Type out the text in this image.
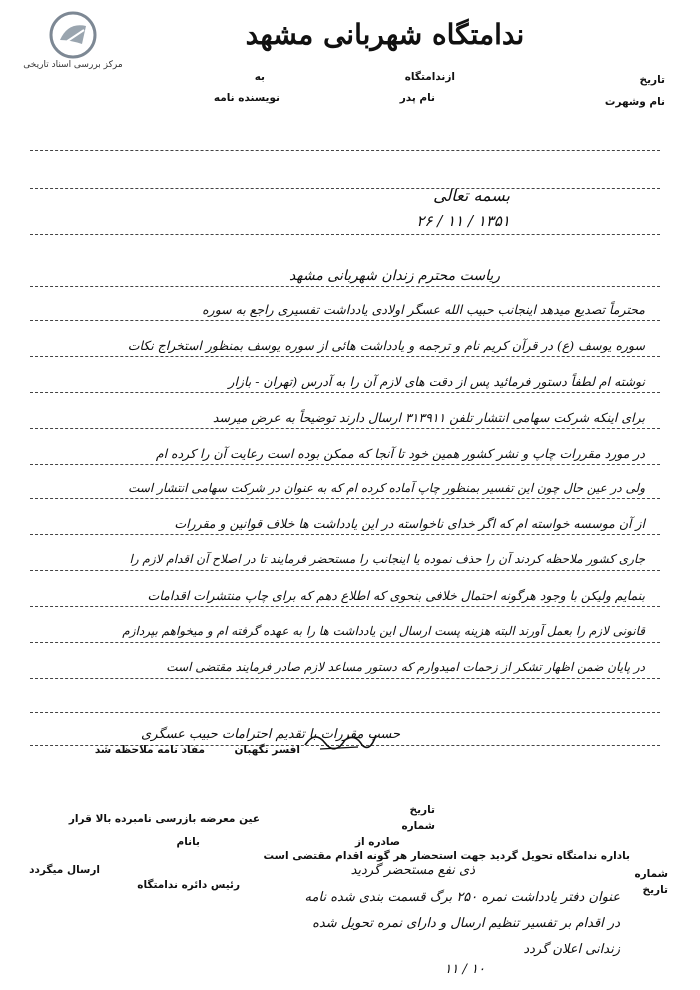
مرکز بررسی اسناد تاریخی
ندامتگاه شهربانی مشهد
تاریخ
ازندامتگاه
به
نام وشهرت
نام پدر
نویسنده نامه
بسمه تعالی
۲۶ / ۱۱ / ۱۳۵۱
ریاست محترم زندان شهربانی مشهد
محترماً تصدیع میدهد اینجانب حبیب الله عسگر اولادی یادداشت تفسیری راجع به سوره
سوره یوسف (ع) در قرآن کریم نام و ترجمه و یادداشت هائی از سوره یوسف بمنظور استخراج نکات
نوشته ام لطفاً دستور فرمائید پس از دقت های لازم آن را به آدرس (تهران - بازار
برای اینکه شرکت سهامی انتشار تلفن ۳۱۳۹۱۱ ارسال دارند توضیحاً به عرض میرسد
در مورد مقررات چاپ و نشر کشور همین خود تا آنجا که ممکن بوده است رعایت آن را کرده ام
ولی در عین حال چون این تفسیر بمنظور چاپ آماده کرده ام که به عنوان در شرکت سهامی انتشار است
از آن موسسه خواسته ام که اگر خدای ناخواسته در این یادداشت ها خلاف قوانین و مقررات
جاری کشور ملاحظه کردند آن را حذف نموده یا اینجانب را مستحضر فرمایند تا در اصلاح آن اقدام لازم را
بنمایم ولیکن با وجود هرگونه احتمال خلافی بنحوی که اطلاع دهم که برای چاپ منتشرات اقدامات
قانونی لازم را بعمل آورند البته هزینه پست ارسال این یادداشت ها را به عهده گرفته ام و میخواهم بپردازم
در پایان ضمن اظهار تشکر از زحمات امیدوارم که دستور مساعد لازم صادر فرمایند مقتضی است
حسب مقررات با تقدیم احترامات حبیب عسگری
مفاد نامه ملاحظه شد	افسر نگهبان
عین معرضه بازرسی نامبرده بالا قرار
تاریخ
شماره
صادره از
بانام
ارسال میگردد
باداره ندامتگاه تحویل گردید جهت استحضار هر گونه اقدام مقتضی است
رئیس دائره ندامتگاه
شماره
تاریخ
ذی نفع مستحضر گردید
عنوان دفتر یادداشت نمره ۲۵۰ برگ قسمت بندی شده نامه
در اقدام بر تفسیر تنظیم ارسال و دارای نمره تحویل شده
زندانی اعلان گردد
۱۱ / ۱۰
